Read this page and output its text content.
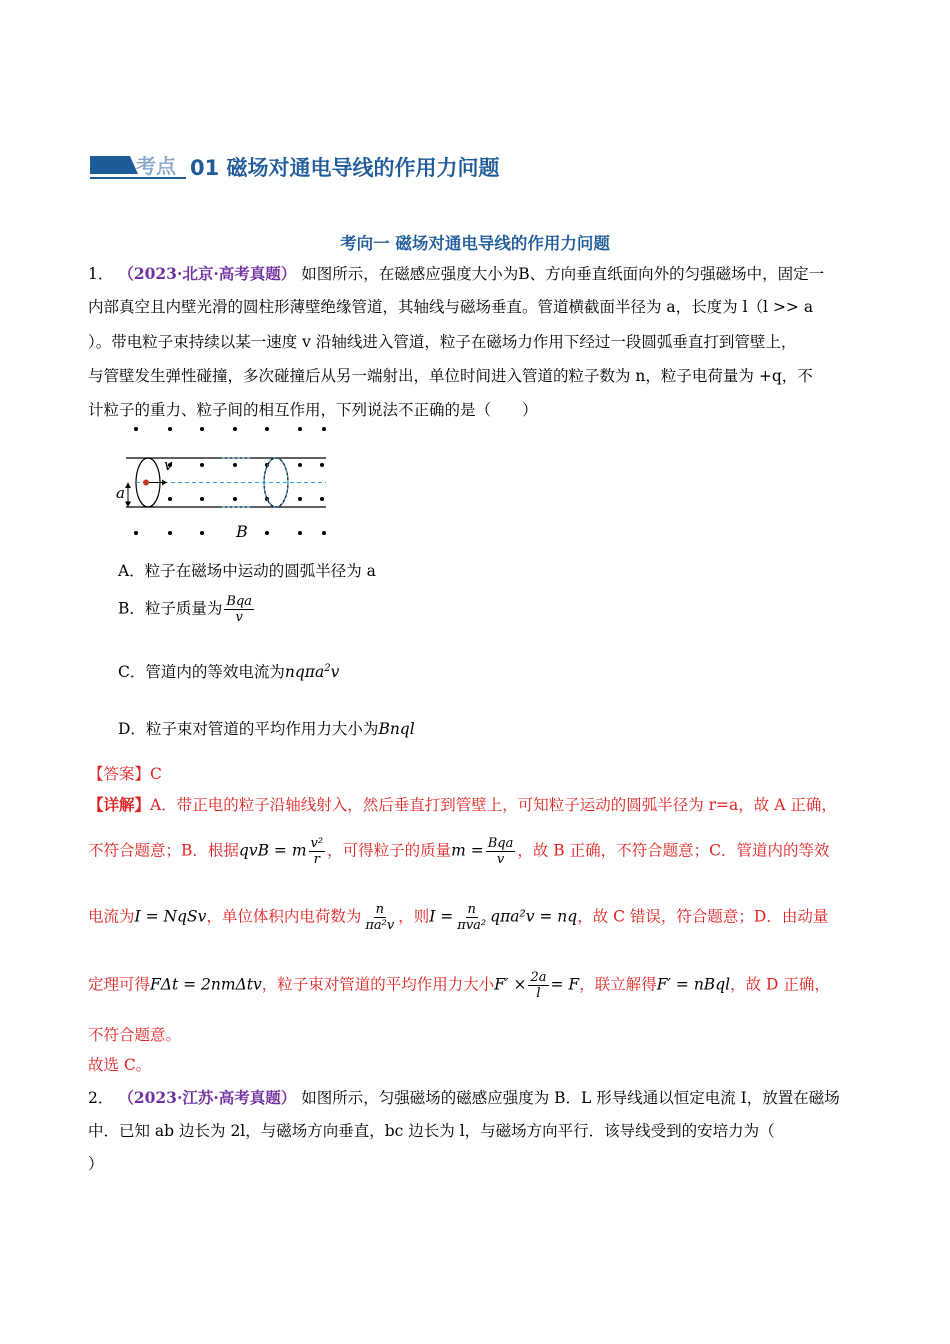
考点 01 磁场对通电导线的作用力问题
考向一 磁场对通电导线的作用力问题
1． （2023·北京·高考真题） 如图所示，在磁感应强度大小为B、方向垂直纸面向外的匀强磁场中，固定一
内部真空且内壁光滑的圆柱形薄壁绝缘管道，其轴线与磁场垂直。管道横截面半径为 a，长度为 l（l >> a
）。带电粒子束持续以某一速度 v 沿轴线进入管道，粒子在磁场力作用下经过一段圆弧垂直打到管壁上，
与管壁发生弹性碰撞，多次碰撞后从另一端射出，单位时间进入管道的粒子数为 n，粒子电荷量为 +q，不
计粒子的重力、粒子间的相互作用，下列说法不正确的是（　　）
v
a
B
A．粒子在磁场中运动的圆弧半径为 a
B．粒子质量为 $\frac{\text{Bqa}}{v}$
C．管道内的等效电流为nqπa$^2$v
D．粒子束对管道的平均作用力大小为Bnql
【答案】C
【详解】A．带正电的粒子沿轴线射入，然后垂直打到管壁上，可知粒子运动的圆弧半径为 r=a，故 A 正确，
不符合题意；B．根据qvB = m $\frac{\text{v²}}{r}$ ，可得粒子的质量$m = \frac{\text{Bqa}}{v}$ ，故 B 正确，不符合题意；C．管道内的等效
电流为I = NqSv，单位体积内电荷数为 $\frac{n}{\text{πa²v}}$ ，则$I = \frac{n}{\text{πva²}} q\pi a^2v$ = nq，故 C 错误，符合题意；D．由动量
定理可得FΔt = 2nmΔtv，粒子束对管道的平均作用力大小$F' \times \frac{2a}{l} = F$，联立解得F′ = nBql，故 D 正确，
不符合题意。
故选 C。
2． （2023·江苏·高考真题） 如图所示，匀强磁场的磁感应强度为 B．L 形导线通以恒定电流 I，放置在磁场
中．已知 ab 边长为 2l，与磁场方向垂直，bc 边长为 l，与磁场方向平行．该导线受到的安培力为（
）
